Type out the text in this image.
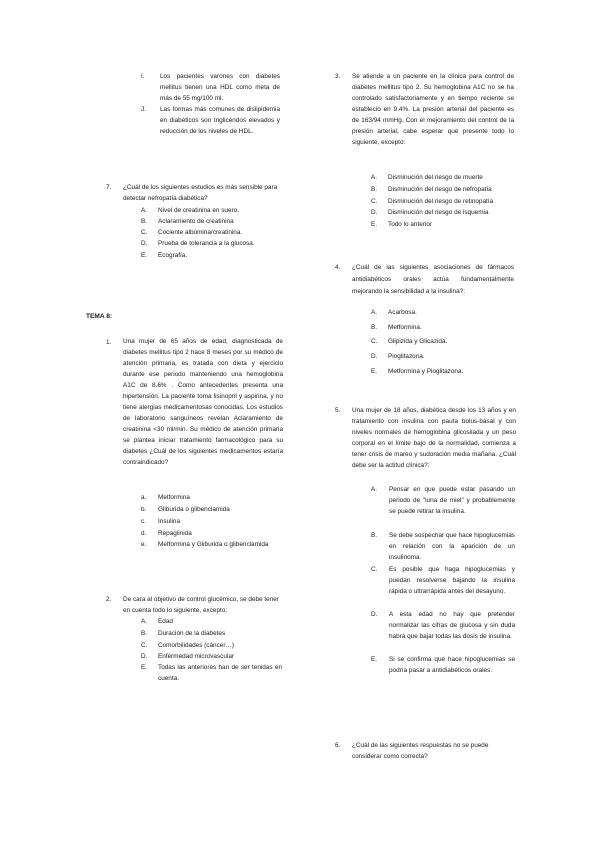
I. Los pacientes varones con diabetes mellitus tienen una HDL como meta de más de 55 mg/100 ml.
J. Las formas más comunes de dislipidemia en diabéticos son triglicéridos elevados y reducción de los niveles de HDL.
7. ¿Cuál de los siguientes estudios es más sensible para detectar nefropatía diabética?
A. Nivel de creatinina en suero.
B. Aclaramiento de creatinina
C. Cociente albúmina/creatinina.
D. Prueba de tolerancia a la glucosa.
E. Ecografía.
TEMA 8:
1. Una mujer de 65 años de edad, diagnosticada de diabetes mellitus tipo 2 hace 8 meses por su médico de atención primaria, es tratada con dieta y ejercicio durante ese periodo manteniendo una hemoglobina A1C de 8.6% . Como antecedentes presenta una hipertensión. La paciente toma lisinopril y aspirina, y no tiene alergias medicamentosas conocidas. Los estudios de laboratorio sanguíneos revelan Aclaramiento de creatinina <30 ml/min. Su médico de atención primaria se plantea iniciar tratamiento farmacológico para su diabetes ¿Cuál de los siguientes medicamentos estaría contraindicado?
a. Metformina
b. Gliburida o glibenclamida
c. Insulina
d. Repaglinida
e. Metformina y Gliburida o glibenclamida
2. De cara al objetivo de control glucémico, se debe tener en cuenta todo lo siguiente, excepto:
A. Edad
B. Duración de la diabetes
C. Comorbilidades (cáncer…)
D. Enfermedad microvascular
E. Todas las anteriores han de ser tenidas en cuenta.
3. Se atiende a un paciente en la clínica para control de diabetes mellitus tipo 2. Su hemoglobina A1C no se ha controlado satisfactoriamente y en tiempo reciente se estableció en 9.4%. La presión arterial del paciente es de 163/94 mmHg. Con el mejoramiento del control de la presión arterial, cabe esperar que presente todo lo siguiente, excepto:
A. Disminución del riesgo de muerte
B. Disminución del riesgo de nefropatía
C. Disminución del riesgo de retinopatía
D. Disminución del riesgo de isquemia
E. Todo lo anterior
4. ¿Cuál de las siguientes asociaciones de fármacos antidiabéticos orales actúa fundamentalmente mejorando la sensibilidad a la insulina?:
A. Acarbosa.
B. Metformina.
C. Glipizida y Glicazida.
D. Pioglitazona.
E. Metformina y Pioglitazona.
5. Una mujer de 18 años, diabética desde los 13 años y en tratamiento con insulina con pauta bolus-basal y con niveles normales de hemoglobina glicosilada y un peso corporal en el límite bajo de la normalidad, comienza a tener crisis de mareo y sudoración media mañana. ¿Cuál debe ser la actitud clínica?:
A. Pensar en que puede estar pasando un periodo de "luna de miel" y probablemente se puede retirar la insulina.
B. Se debe sospechar que hace hipoglucemias en relación con la aparición de un insulinoma.
C. Es posible que haga hipoglucemias y puedan resolverse bajando la insulina rápida o ultrarrápida antes del desayuno.
D. A esta edad no hay que pretender normalizar las cifras de glucosa y sin duda habrá que bajar todas las dosis de insulina.
E. Si se confirma que hace hipoglucemias se podría pasar a antidiabéticos orales.
6. ¿Cuál de las siguientes respuestas no se puede considerar como correcta?
